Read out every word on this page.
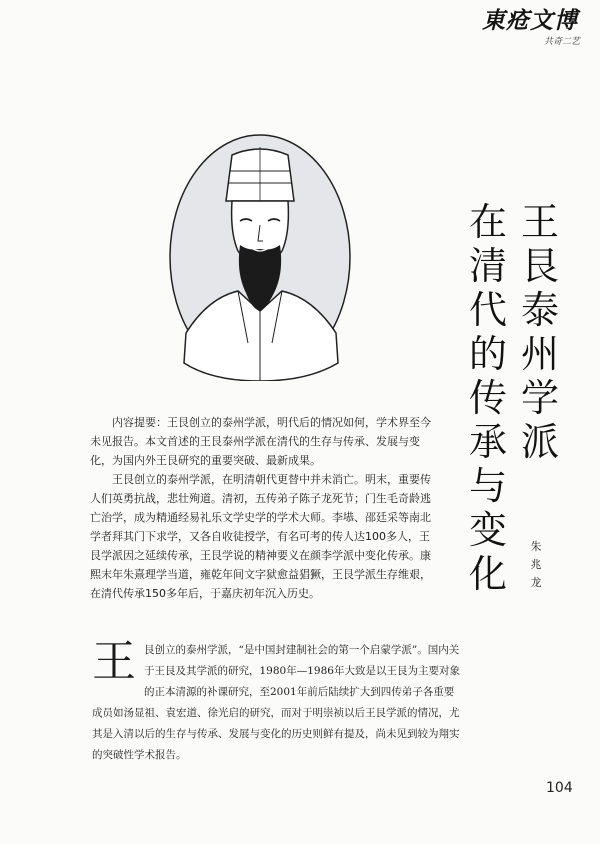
東疮文博
共奇二艺
王
艮
泰
州
学
派
在
清
代
的
传
承
与
变
化
朱
兆
龙

内容提要：王艮创立的泰州学派，明代后的情况如何，学术界至今未见报告。本文首述的王艮泰州学派在清代的生存与传承、发展与变化，为国内外王艮研究的重要突破、最新成果。

王艮创立的泰州学派，在明清朝代更替中并未消亡。明末，重要传人们英勇抗战，悲壮殉道。清初，五传弟子陈子龙死节；门生毛奇龄逃亡治学，成为精通经易礼乐文学史学的学术大师。李塨、邵廷采等南北学者拜其门下求学，又各自收徒授学，有名可考的传人达100多人，王艮学派因之延续传承，王艮学说的精神要义在颜李学派中变化传承。康熙末年朱熹理学当道，雍乾年间文字狱愈益猖獗，王艮学派生存维艰，在清代传承150多年后，于嘉庆初年沉入历史。

王 艮创立的泰州学派，“是中国封建制社会的第一个启蒙学派”。国内关于王艮及其学派的研究，1980年—1986年大致是以王艮为主要对象的正本清源的补课研究，至2001年前后陆续扩大到四传弟子各重要成员如汤显祖、袁宏道、徐光启的研究，而对于明崇祯以后王艮学派的情况，尤其是入清以后的生存与传承、发展与变化的历史则鲜有提及，尚未见到较为翔实的突破性学术报告。

104
